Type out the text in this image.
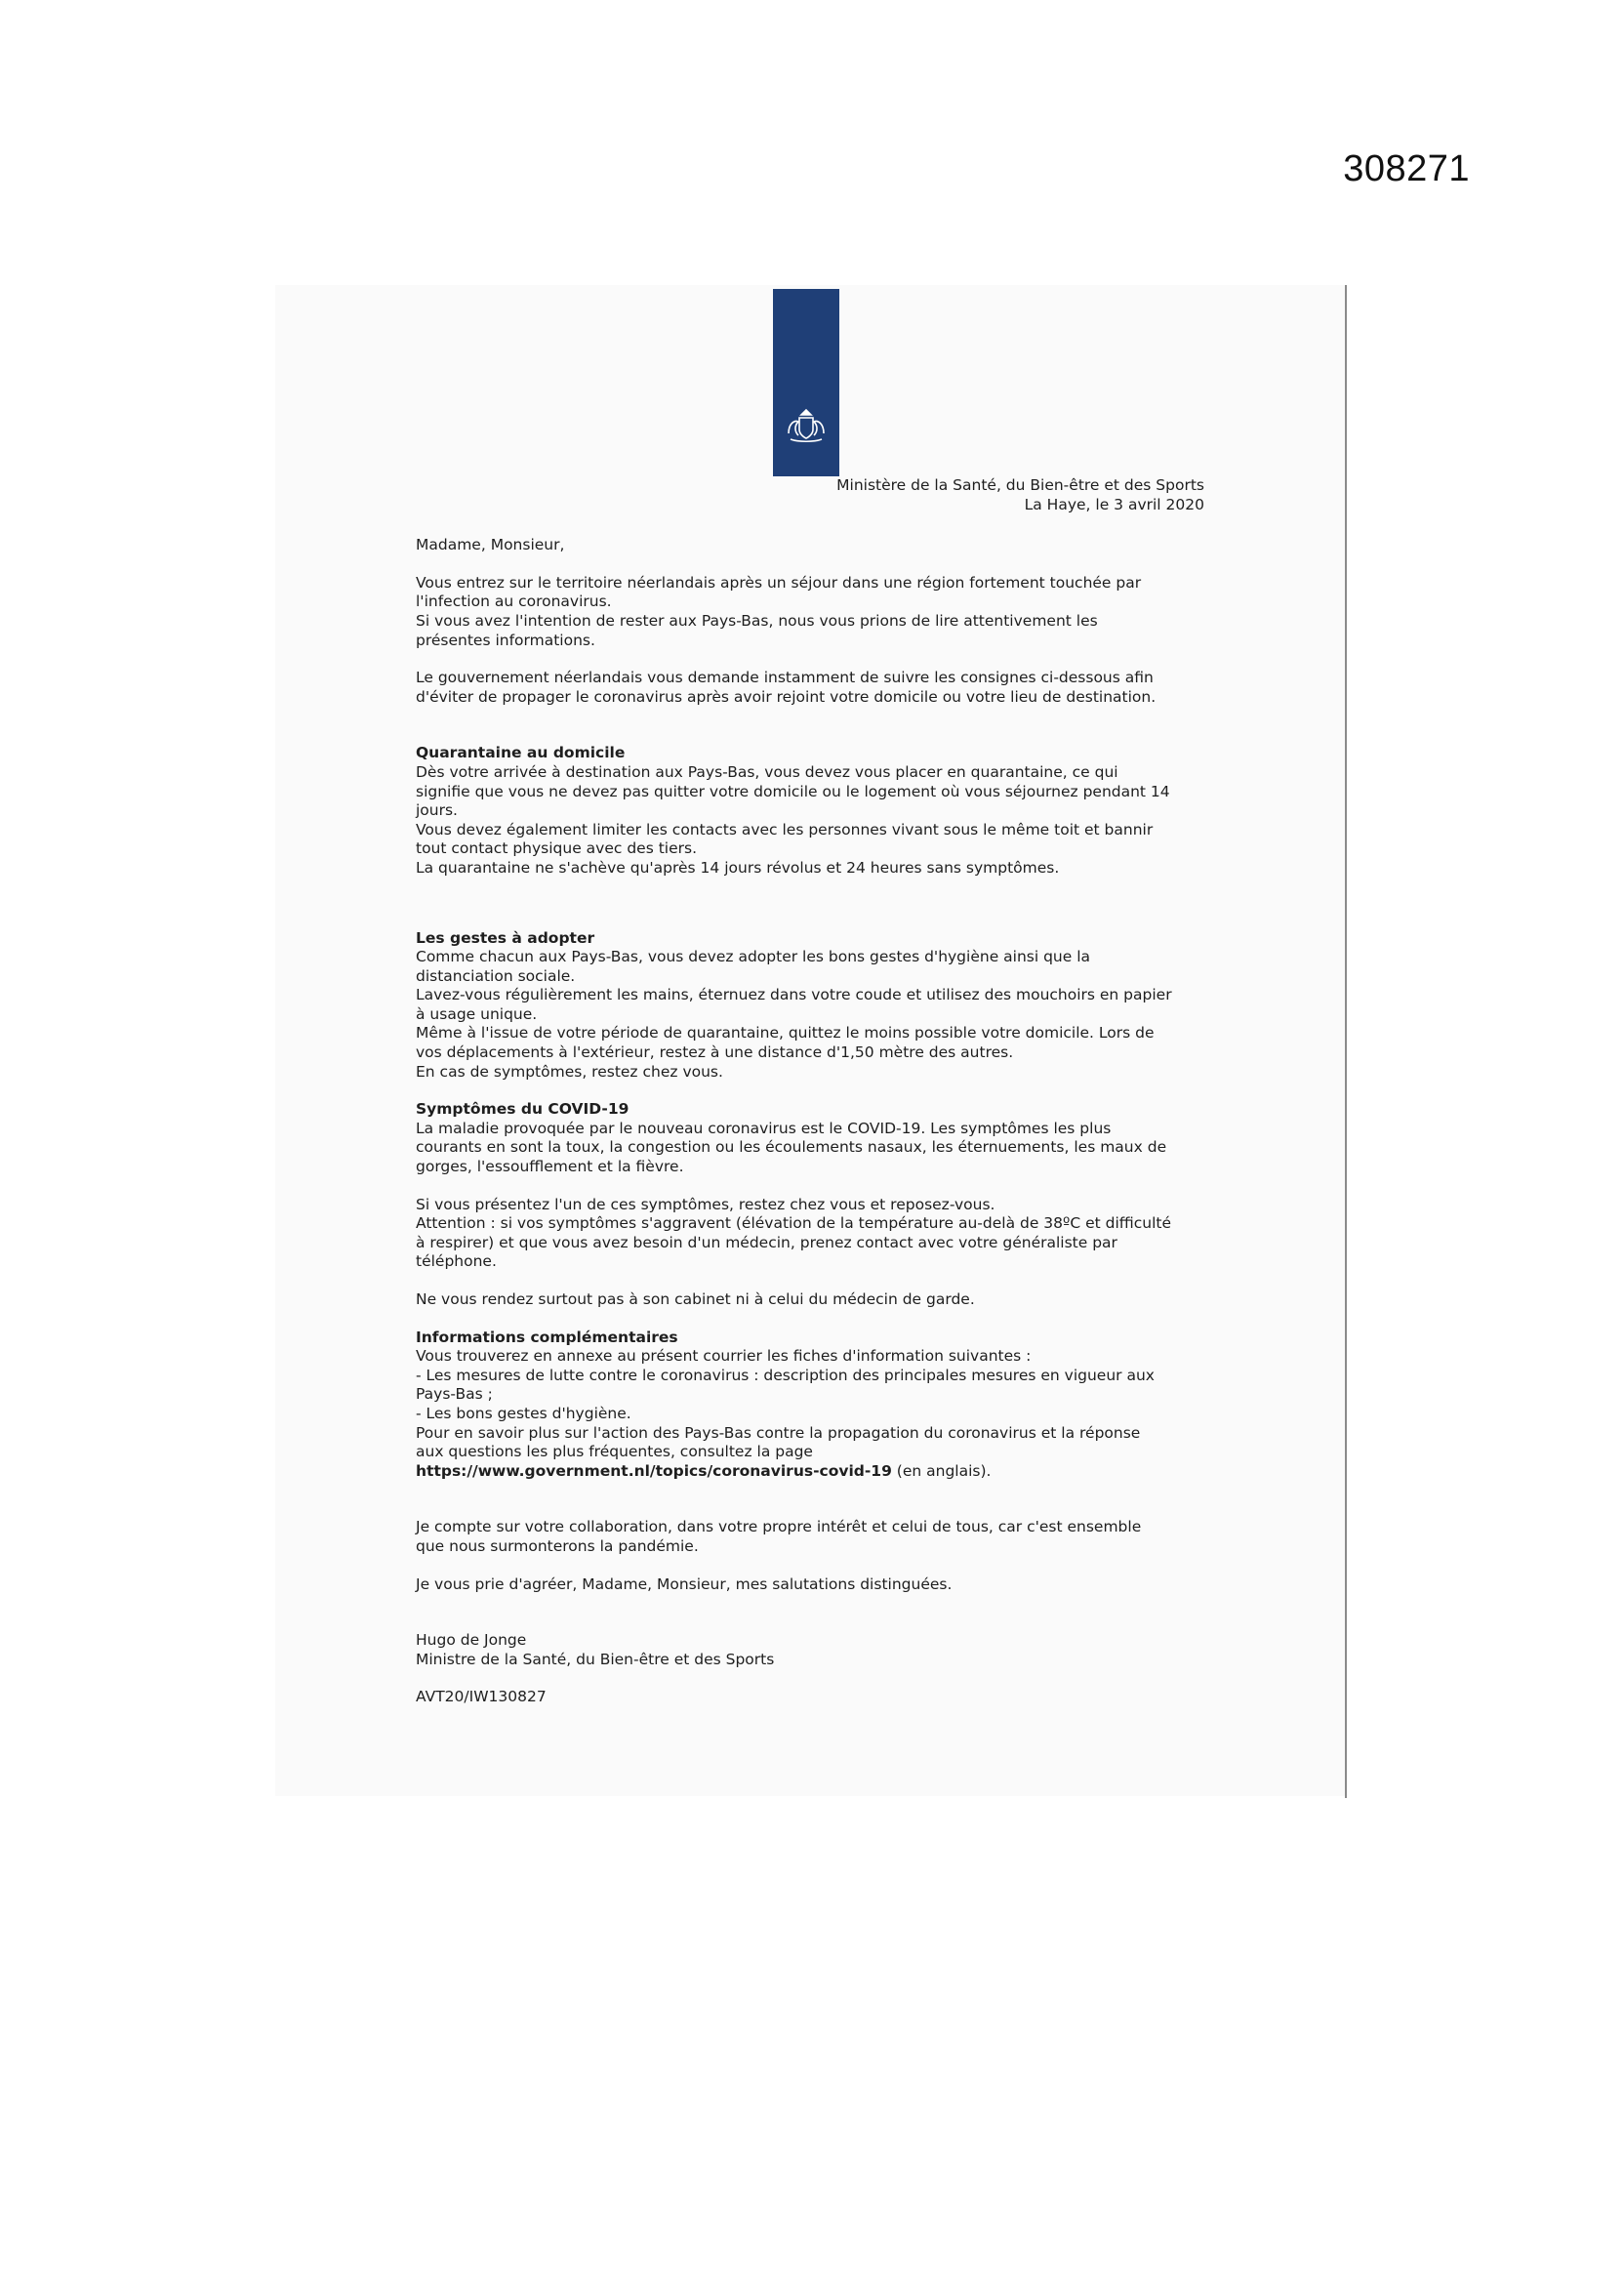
308271
Ministère de la Santé, du Bien-être et des Sports
La Haye, le 3 avril 2020

Madame, Monsieur,

Vous entrez sur le territoire néerlandais après un séjour dans une région fortement touchée par
l'infection au coronavirus.
Si vous avez l'intention de rester aux Pays-Bas, nous vous prions de lire attentivement les
présentes informations.
Le gouvernement néerlandais vous demande instamment de suivre les consignes ci-dessous afin
d'éviter de propager le coronavirus après avoir rejoint votre domicile ou votre lieu de destination.
Quarantaine au domicile
Dès votre arrivée à destination aux Pays-Bas, vous devez vous placer en quarantaine, ce qui
signifie que vous ne devez pas quitter votre domicile ou le logement où vous séjournez pendant 14
jours.
Vous devez également limiter les contacts avec les personnes vivant sous le même toit et bannir
tout contact physique avec des tiers.
La quarantaine ne s'achève qu'après 14 jours révolus et 24 heures sans symptômes.
Les gestes à adopter
Comme chacun aux Pays-Bas, vous devez adopter les bons gestes d'hygiène ainsi que la
distanciation sociale.
Lavez-vous régulièrement les mains, éternuez dans votre coude et utilisez des mouchoirs en papier
à usage unique.
Même à l'issue de votre période de quarantaine, quittez le moins possible votre domicile. Lors de
vos déplacements à l'extérieur, restez à une distance d'1,50 mètre des autres.
En cas de symptômes, restez chez vous.
Symptômes du COVID-19
La maladie provoquée par le nouveau coronavirus est le COVID-19. Les symptômes les plus
courants en sont la toux, la congestion ou les écoulements nasaux, les éternuements, les maux de
gorges, l'essoufflement et la fièvre.
Si vous présentez l'un de ces symptômes, restez chez vous et reposez-vous.
Attention : si vos symptômes s'aggravent (élévation de la température au-delà de 38ºC et difficulté
à respirer) et que vous avez besoin d'un médecin, prenez contact avec votre généraliste par
téléphone.
Ne vous rendez surtout pas à son cabinet ni à celui du médecin de garde.
Informations complémentaires
Vous trouverez en annexe au présent courrier les fiches d'information suivantes :
- Les mesures de lutte contre le coronavirus : description des principales mesures en vigueur aux
Pays-Bas ;
- Les bons gestes d'hygiène.
Pour en savoir plus sur l'action des Pays-Bas contre la propagation du coronavirus et la réponse
aux questions les plus fréquentes, consultez la page
https://www.government.nl/topics/coronavirus-covid-19 (en anglais).
Je compte sur votre collaboration, dans votre propre intérêt et celui de tous, car c'est ensemble
que nous surmonterons la pandémie.

Je vous prie d'agréer, Madame, Monsieur, mes salutations distinguées.

Hugo de Jonge
Ministre de la Santé, du Bien-être et des Sports

AVT20/IW130827
